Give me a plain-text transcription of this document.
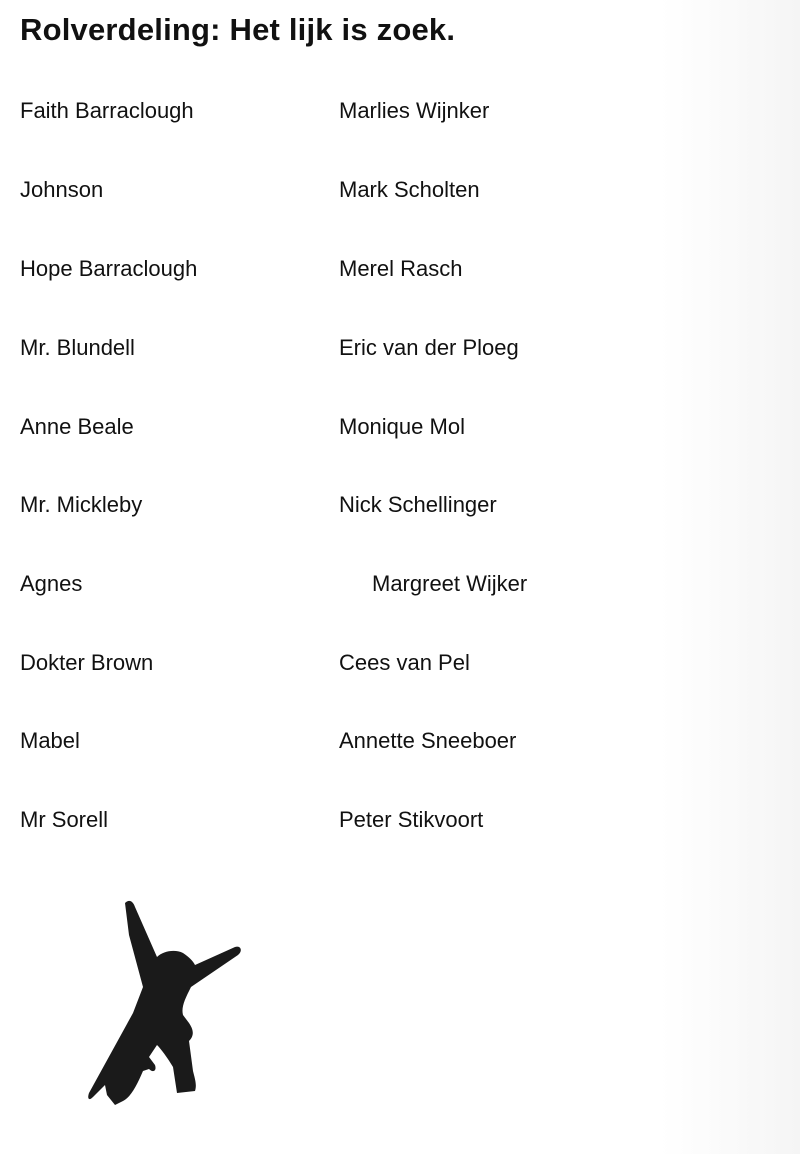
Rolverdeling: Het lijk is zoek.
Faith Barraclough	Marlies Wijnker
Johnson	Mark Scholten
Hope Barraclough	Merel Rasch
Mr. Blundell	Eric van der Ploeg
Anne Beale	Monique Mol
Mr. Mickleby	Nick Schellinger
Agnes	Margreet Wijker
Dokter Brown	Cees van Pel
Mabel	Annette Sneeboer
Mr Sorell	Peter Stikvoort
